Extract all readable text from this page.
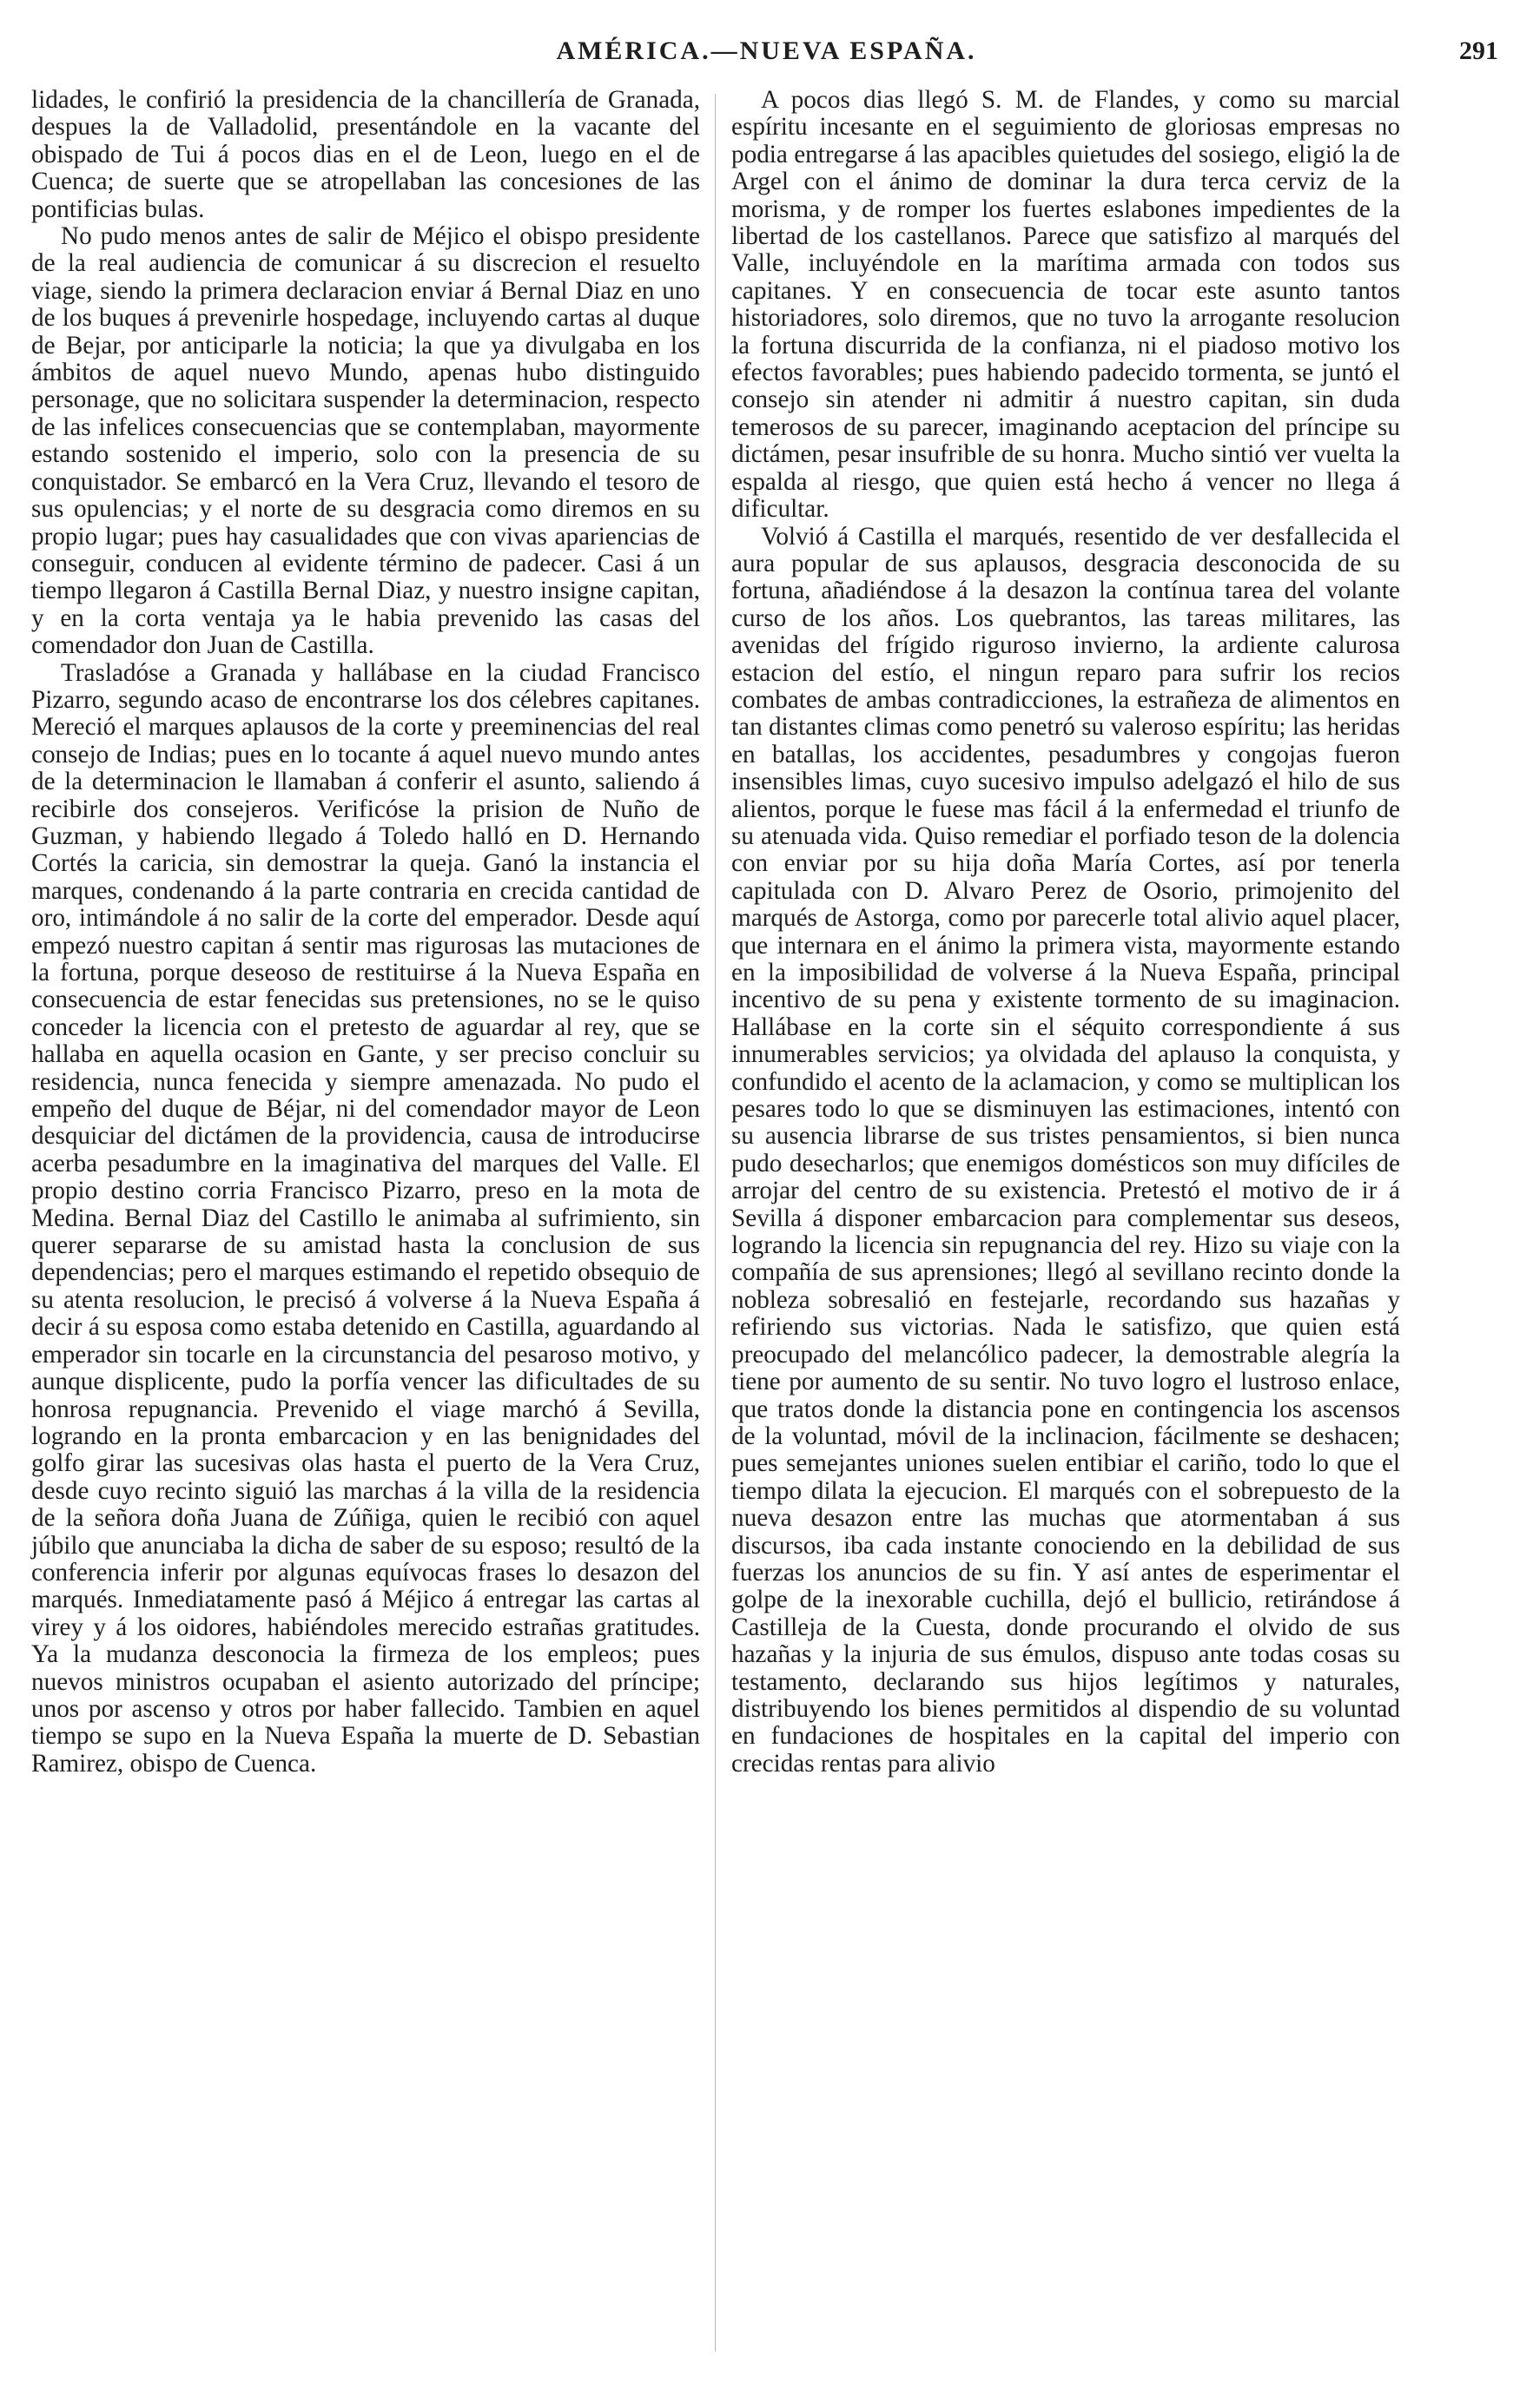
AMÉRICA.—NUEVA ESPAÑA.	291

lidades, le confirió la presidencia de la chancillería de Granada, despues la de Valladolid, presentándole en la vacante del obispado de Tui á pocos dias en el de Leon, luego en el de Cuenca; de suerte que se atropellaban las concesiones de las pontificias bulas.

No pudo menos antes de salir de Méjico el obispo presidente de la real audiencia de comunicar á su discrecion el resuelto viage, siendo la primera declaracion enviar á Bernal Diaz en uno de los buques á prevenirle hospedage, incluyendo cartas al duque de Bejar, por anticiparle la noticia; la que ya divulgaba en los ámbitos de aquel nuevo Mundo, apenas hubo distinguido personage, que no solicitara suspender la determinacion, respecto de las infelices consecuencias que se contemplaban, mayormente estando sostenido el imperio, solo con la presencia de su conquistador. Se embarcó en la Vera Cruz, llevando el tesoro de sus opulencias; y el norte de su desgracia como diremos en su propio lugar; pues hay casualidades que con vivas apariencias de conseguir, conducen al evidente término de padecer. Casi á un tiempo llegaron á Castilla Bernal Diaz, y nuestro insigne capitan, y en la corta ventaja ya le habia prevenido las casas del comendador don Juan de Castilla.

Trasladóse a Granada y hallábase en la ciudad Francisco Pizarro, segundo acaso de encontrarse los dos célebres capitanes. Mereció el marques aplausos de la corte y preeminencias del real consejo de Indias; pues en lo tocante á aquel nuevo mundo antes de la determinacion le llamaban á conferir el asunto, saliendo á recibirle dos consejeros. Verificóse la prision de Nuño de Guzman, y habiendo llegado á Toledo halló en D. Hernando Cortés la caricia, sin demostrar la queja. Ganó la instancia el marques, condenando á la parte contraria en crecida cantidad de oro, intimándole á no salir de la corte del emperador. Desde aquí empezó nuestro capitan á sentir mas rigurosas las mutaciones de la fortuna, porque deseoso de restituirse á la Nueva España en consecuencia de estar fenecidas sus pretensiones, no se le quiso conceder la licencia con el pretesto de aguardar al rey, que se hallaba en aquella ocasion en Gante, y ser preciso concluir su residencia, nunca fenecida y siempre amenazada. No pudo el empeño del duque de Béjar, ni del comendador mayor de Leon desquiciar del dictámen de la providencia, causa de introducirse acerba pesadumbre en la imaginativa del marques del Valle. El propio destino corria Francisco Pizarro, preso en la mota de Medina. Bernal Diaz del Castillo le animaba al sufrimiento, sin querer separarse de su amistad hasta la conclusion de sus dependencias; pero el marques estimando el repetido obsequio de su atenta resolucion, le precisó á volverse á la Nueva España á decir á su esposa como estaba detenido en Castilla, aguardando al emperador sin tocarle en la circunstancia del pesaroso motivo, y aunque displicente, pudo la porfía vencer las dificultades de su honrosa repugnancia. Prevenido el viage marchó á Sevilla, logrando en la pronta embarcacion y en las benignidades del golfo girar las sucesivas olas hasta el puerto de la Vera Cruz, desde cuyo recinto siguió las marchas á la villa de la residencia de la señora doña Juana de Zúñiga, quien le recibió con aquel júbilo que anunciaba la dicha de saber de su esposo; resultó de la conferencia inferir por algunas equívocas frases lo desazon del marqués. Inmediatamente pasó á Méjico á entregar las cartas al virey y á los oidores, habiéndoles merecido estrañas gratitudes. Ya la mudanza desconocia la firmeza de los empleos; pues nuevos ministros ocupaban el asiento autorizado del príncipe; unos por ascenso y otros por haber fallecido. Tambien en aquel tiempo se supo en la Nueva España la muerte de D. Sebastian Ramirez, obispo de Cuenca.

A pocos dias llegó S. M. de Flandes, y como su marcial espíritu incesante en el seguimiento de gloriosas empresas no podia entregarse á las apacibles quietudes del sosiego, eligió la de Argel con el ánimo de dominar la dura terca cerviz de la morisma, y de romper los fuertes eslabones impedientes de la libertad de los castellanos. Parece que satisfizo al marqués del Valle, incluyéndole en la marítima armada con todos sus capitanes. Y en consecuencia de tocar este asunto tantos historiadores, solo diremos, que no tuvo la arrogante resolucion la fortuna discurrida de la confianza, ni el piadoso motivo los efectos favorables; pues habiendo padecido tormenta, se juntó el consejo sin atender ni admitir á nuestro capitan, sin duda temerosos de su parecer, imaginando aceptacion del príncipe su dictámen, pesar insufrible de su honra. Mucho sintió ver vuelta la espalda al riesgo, que quien está hecho á vencer no llega á dificultar.

Volvió á Castilla el marqués, resentido de ver desfallecida el aura popular de sus aplausos, desgracia desconocida de su fortuna, añadiéndose á la desazon la contínua tarea del volante curso de los años. Los quebrantos, las tareas militares, las avenidas del frígido riguroso invierno, la ardiente calurosa estacion del estío, el ningun reparo para sufrir los recios combates de ambas contradicciones, la estrañeza de alimentos en tan distantes climas como penetró su valeroso espíritu; las heridas en batallas, los accidentes, pesadumbres y congojas fueron insensibles limas, cuyo sucesivo impulso adelgazó el hilo de sus alientos, porque le fuese mas fácil á la enfermedad el triunfo de su atenuada vida. Quiso remediar el porfiado teson de la dolencia con enviar por su hija doña María Cortes, así por tenerla capitulada con D. Alvaro Perez de Osorio, primojenito del marqués de Astorga, como por parecerle total alivio aquel placer, que internara en el ánimo la primera vista, mayormente estando en la imposibilidad de volverse á la Nueva España, principal incentivo de su pena y existente tormento de su imaginacion. Hallábase en la corte sin el séquito correspondiente á sus innumerables servicios; ya olvidada del aplauso la conquista, y confundido el acento de la aclamacion, y como se multiplican los pesares todo lo que se disminuyen las estimaciones, intentó con su ausencia librarse de sus tristes pensamientos, si bien nunca pudo desecharlos; que enemigos domésticos son muy difíciles de arrojar del centro de su existencia. Pretestó el motivo de ir á Sevilla á disponer embarcacion para complementar sus deseos, logrando la licencia sin repugnancia del rey. Hizo su viaje con la compañía de sus aprensiones; llegó al sevillano recinto donde la nobleza sobresalió en festejarle, recordando sus hazañas y refiriendo sus victorias. Nada le satisfizo, que quien está preocupado del melancólico padecer, la demostrable alegría la tiene por aumento de su sentir. No tuvo logro el lustroso enlace, que tratos donde la distancia pone en contingencia los ascensos de la voluntad, móvil de la inclinacion, fácilmente se deshacen; pues semejantes uniones suelen entibiar el cariño, todo lo que el tiempo dilata la ejecucion. El marqués con el sobrepuesto de la nueva desazon entre las muchas que atormentaban á sus discursos, iba cada instante conociendo en la debilidad de sus fuerzas los anuncios de su fin. Y así antes de esperimentar el golpe de la inexorable cuchilla, dejó el bullicio, retirándose á Castilleja de la Cuesta, donde procurando el olvido de sus hazañas y la injuria de sus émulos, dispuso ante todas cosas su testamento, declarando sus hijos legítimos y naturales, distribuyendo los bienes permitidos al dispendio de su voluntad en fundaciones de hospitales en la capital del imperio con crecidas rentas para alivio
